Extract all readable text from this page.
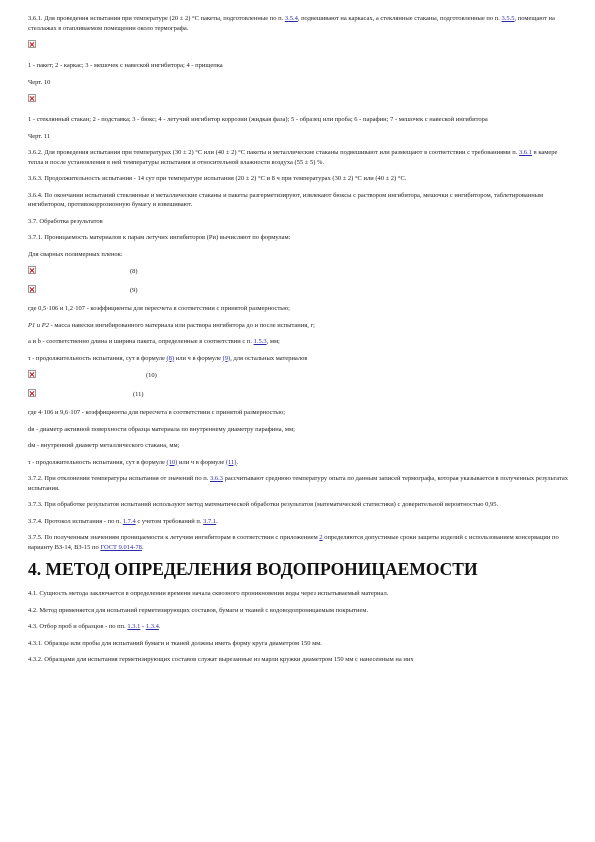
3.6.1. Для проведения испытания при температуре (20 ± 2) °С пакеты, подготовленные по п. 3.5.4, подвешивают на каркасах, а стеклянные стаканы, подготовленные по п. 3.5.5, помещают на стеллажах в отапливаемом помещении около термографа.

1 - пакет; 2 - каркас; 3 - мешочек с навеской ингибитора; 4 - прищепка

Черт. 10

1 - стеклянный стакан; 2 - подставка; 3 - бюкс; 4 - летучий ингибитор коррозии (жидкая фаза); 5 - образец или проба; 6 - парафин; 7 - мешочек с навеской ингибитора

Черт. 11

3.6.2. Для проведения испытания при температурах (30 ± 2) °С или (40 ± 2) °С пакеты и металлические стаканы подвешивают или размещают в соответствии с требованиями п. 3.6.1 в камере тепла и после установления в ней температуры испытания и относительной влажности воздуха (55 ± 5) %.

3.6.3. Продолжительность испытания - 14 сут при температуре испытания (20 ± 2) °С и 8 ч при температурах (30 ± 2) °С или (40 ± 2) °С.

3.6.4. По окончании испытаний стеклянные и металлические стаканы и пакеты разгерметизируют, извлекают бюксы с раствором ингибитора, мешочки с ингибитором, таблетированным ингибитором, противокоррозионную бумагу и взвешивают.

3.7. Обработка результатов

3.7.1. Проницаемость материалов к парам летучих ингибиторов (Ри) вычисляют по формулам:

Для сварных полимерных пленок:

(8)
(9)

где 0,5·106 и 1,2·107 - коэффициенты для пересчета в соответствии с принятой размерностью;

P1 и P2 - масса навески ингибированного материала или раствора ингибитора до и после испытания, г;

a и b - соответственно длина и ширина пакета, определенные в соответствии с п. 1.5.3, мм;

τ - продолжительность испытания, сут в формуле (8) или ч в формуле (9), для остальных материалов

(10)
(11)

где 4·106 и 9,6·107 - коэффициенты для пересчета в соответствии с принятой размерностью;

dв - диаметр активной поверхности образца материала по внутреннему диаметру парафина, мм;

dм - внутренний диаметр металлического стакана, мм;

τ - продолжительность испытания, сут в формуле (10) или ч в формуле (11).

3.7.2. При отклонении температуры испытания от значений по п. 3.6.3 рассчитывают среднюю температуру опыта по данным записей термографа, которая указывается в полученных результатах испытания.

3.7.3. При обработке результатов испытаний используют метод математической обработки результатов (математической статистики) с доверительной вероятностью 0,95.

3.7.4. Протокол испытания - по п. 1.7.4 с учетом требований п. 3.7.1.

3.7.5. По полученным значениям проницаемости к летучим ингибиторам в соответствии с приложением 2 определяются допустимые сроки защиты изделий с использованием консервации по варианту ВЗ-14, ВЗ-15 по ГОСТ 9.014-78.

4. МЕТОД ОПРЕДЕЛЕНИЯ ВОДОПРОНИЦАЕМОСТИ

4.1. Сущность метода заключается в определении времени начала сквозного проникновения воды через испытываемый материал.

4.2. Метод применяется для испытаний герметизирующих составов, бумаги и тканей с водоводопроницаемым покрытием.

4.3. Отбор проб и образцов - по пп. 1.3.1 - 1.3.4.

4.3.1. Образцы или пробы для испытаний бумаги и тканей должны иметь форму круга диаметром 150 мм.

4.3.2. Образцами для испытания герметизирующих составов служат вырезанные из марли кружки диаметром 150 мм с нанесенным на них
